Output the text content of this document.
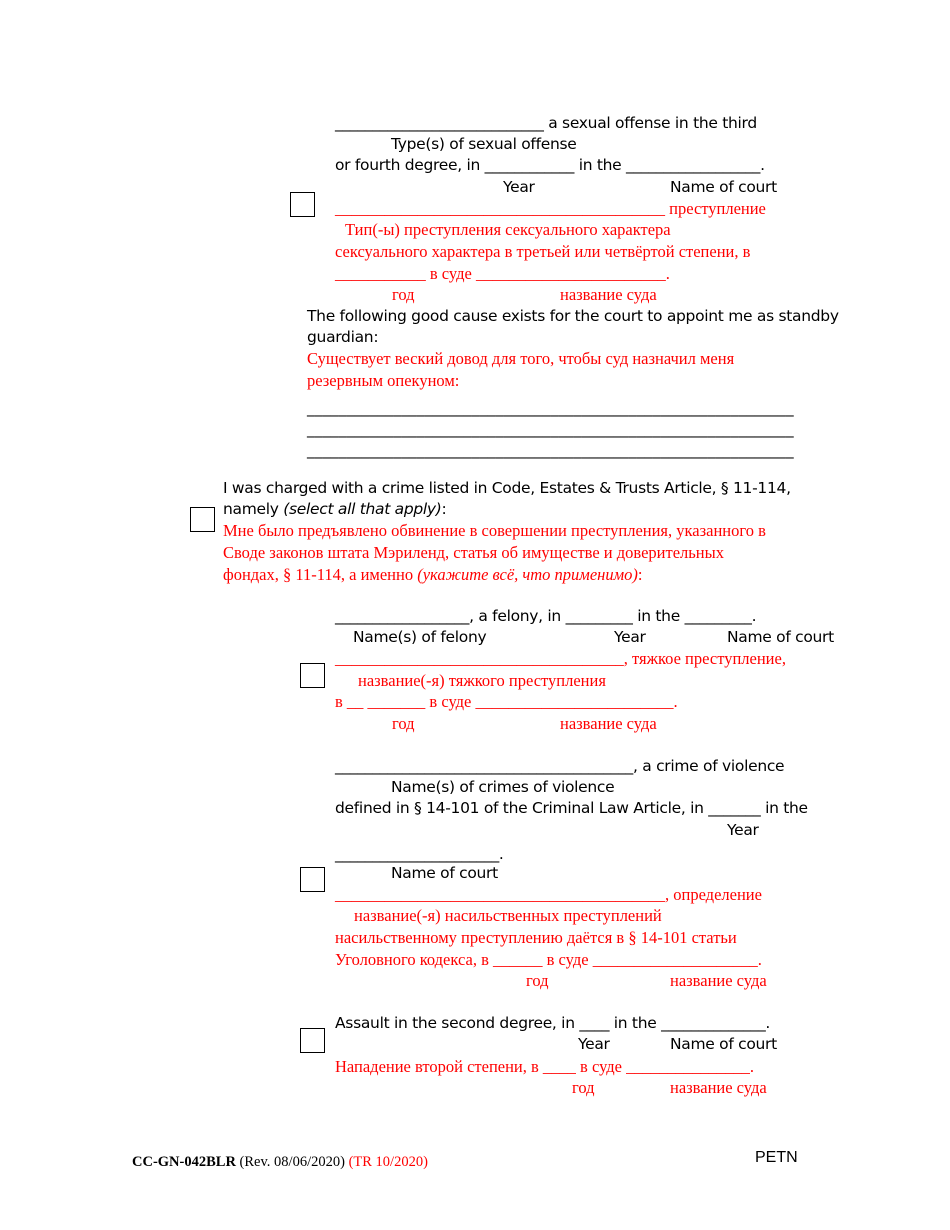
____________________________ a sexual offense in the third
Type(s) of sexual offense
or fourth degree, in ____________ in the __________________.
Year	Name of court
________________________________________ преступление
Тип(-ы) преступления сексуального характера
сексуального характера в третьей или четвёртой степени, в
___________ в суде _______________________.
год	название суда
The following good cause exists for the court to appoint me as standby
guardian:
Существует веский довод для того, чтобы суд назначил меня
резервным опекуном:
______________________________________________________________
______________________________________________________________
______________________________________________________________
I was charged with a crime listed in Code, Estates & Trusts Article, § 11-114,
namely (select all that apply):
Мне было предъявлено обвинение в совершении преступления, указанного в
Своде законов штата Мэриленд, статья об имуществе и доверительных
фондах, § 11-114, а именно (укажите всё, что применимо):
__________________, a felony, in _________ in the _________.
Name(s) of felony	Year	Name of court
___________________________________, тяжкое преступление,
название(-я) тяжкого преступления
в __ _______ в суде ________________________.
год	название суда
________________________________________, a crime of violence
Name(s) of crimes of violence
defined in § 14-101 of the Criminal Law Article, in _______ in the
Year
______________________.
Name of court
________________________________________, определение
название(-я) насильственных преступлений
насильственному преступлению даётся в § 14-101 статьи
Уголовного кодекса, в ______ в суде ____________________.
год	название суда
Assault in the second degree, in ____ in the ______________.
Year	Name of court
Нападение второй степени, в ____ в суде _______________.
год	название суда
CC-GN-042BLR (Rev. 08/06/2020) (TR 10/2020)	PETN
